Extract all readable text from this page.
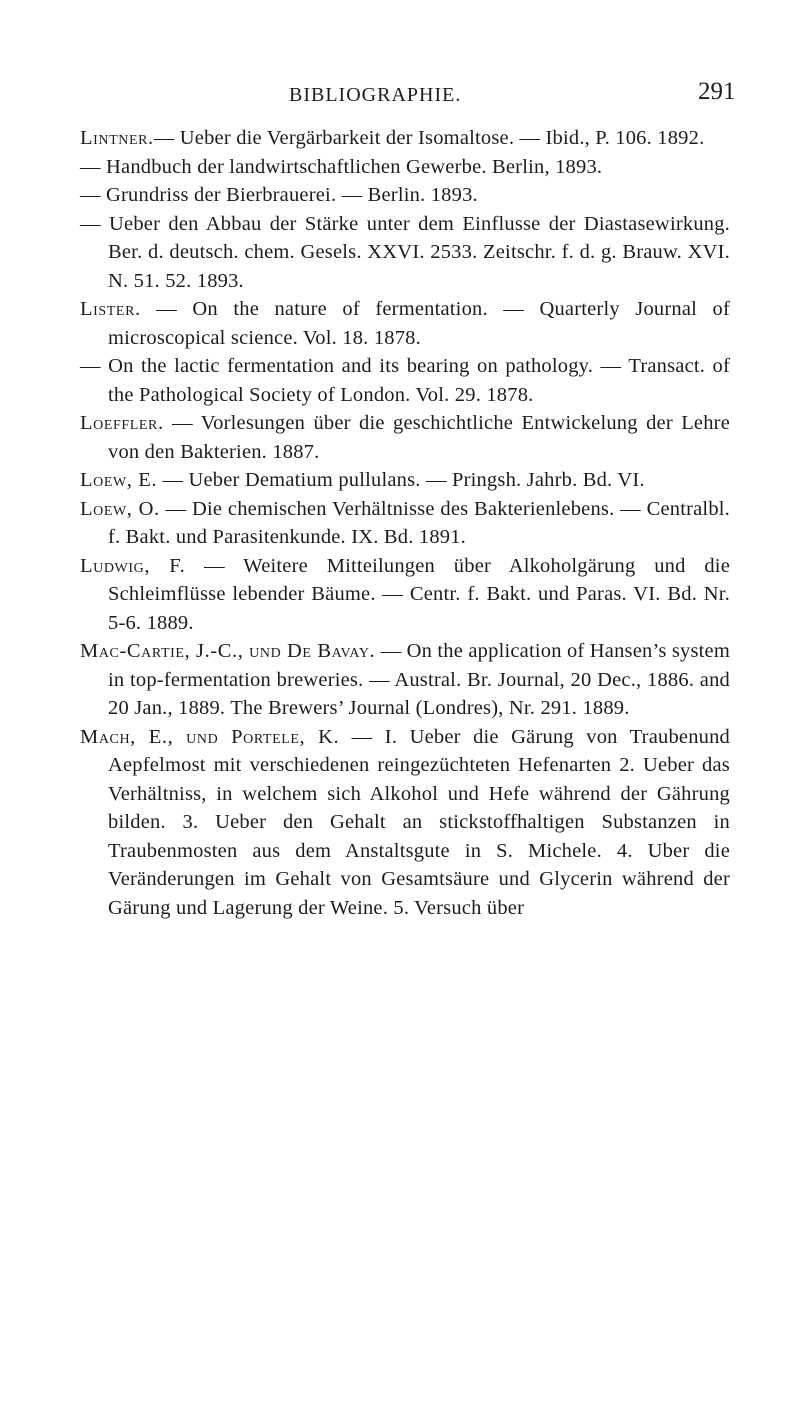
BIBLIOGRAPHIE.	291

Lintner.— Ueber die Vergärbarkeit der Isomaltose. — Ibid., P. 106. 1892.

— Handbuch der landwirtschaftlichen Gewerbe. Berlin, 1893.

— Grundriss der Bierbrauerei. — Berlin. 1893.

— Ueber den Abbau der Stärke unter dem Einflusse der Diastasewirkung. Ber. d. deutsch. chem. Gesels. XXVI. 2533. Zeitschr. f. d. g. Brauw. XVI. N. 51. 52. 1893.

Lister. — On the nature of fermentation. — Quarterly Journal of microscopical science. Vol. 18. 1878.

— On the lactic fermentation and its bearing on pathology. — Transact. of the Pathological Society of London. Vol. 29. 1878.

Loeffler. — Vorlesungen über die geschichtliche Entwickelung der Lehre von den Bakterien. 1887.

Loew, E. — Ueber Dematium pullulans. — Pringsh. Jahrb. Bd. VI.

Loew, O. — Die chemischen Verhältnisse des Bakterienlebens. — Centralbl. f. Bakt. und Parasitenkunde. IX. Bd. 1891.

Ludwig, F. — Weitere Mitteilungen über Alkoholgärung und die Schleimflüsse lebender Bäume. — Centr. f. Bakt. und Paras. VI. Bd. Nr. 5-6. 1889.

Mac-Cartie, J.-C., und De Bavay. — On the application of Hansen’s system in top-fermentation breweries. — Austral. Br. Journal, 20 Dec., 1886. and 20 Jan., 1889. The Brewers’ Journal (Londres), Nr. 291. 1889.

Mach, E., und Portele, K. — I. Ueber die Gärung von Traubenund Aepfelmost mit verschiedenen reingezüchteten Hefenarten 2. Ueber das Verhältniss, in welchem sich Alkohol und Hefe während der Gährung bilden. 3. Ueber den Gehalt an stickstoffhaltigen Substanzen in Traubenmosten aus dem Anstaltsgute in S. Michele. 4. Uber die Veränderungen im Gehalt von Gesamtsäure und Glycerin während der Gärung und Lagerung der Weine. 5. Versuch über
